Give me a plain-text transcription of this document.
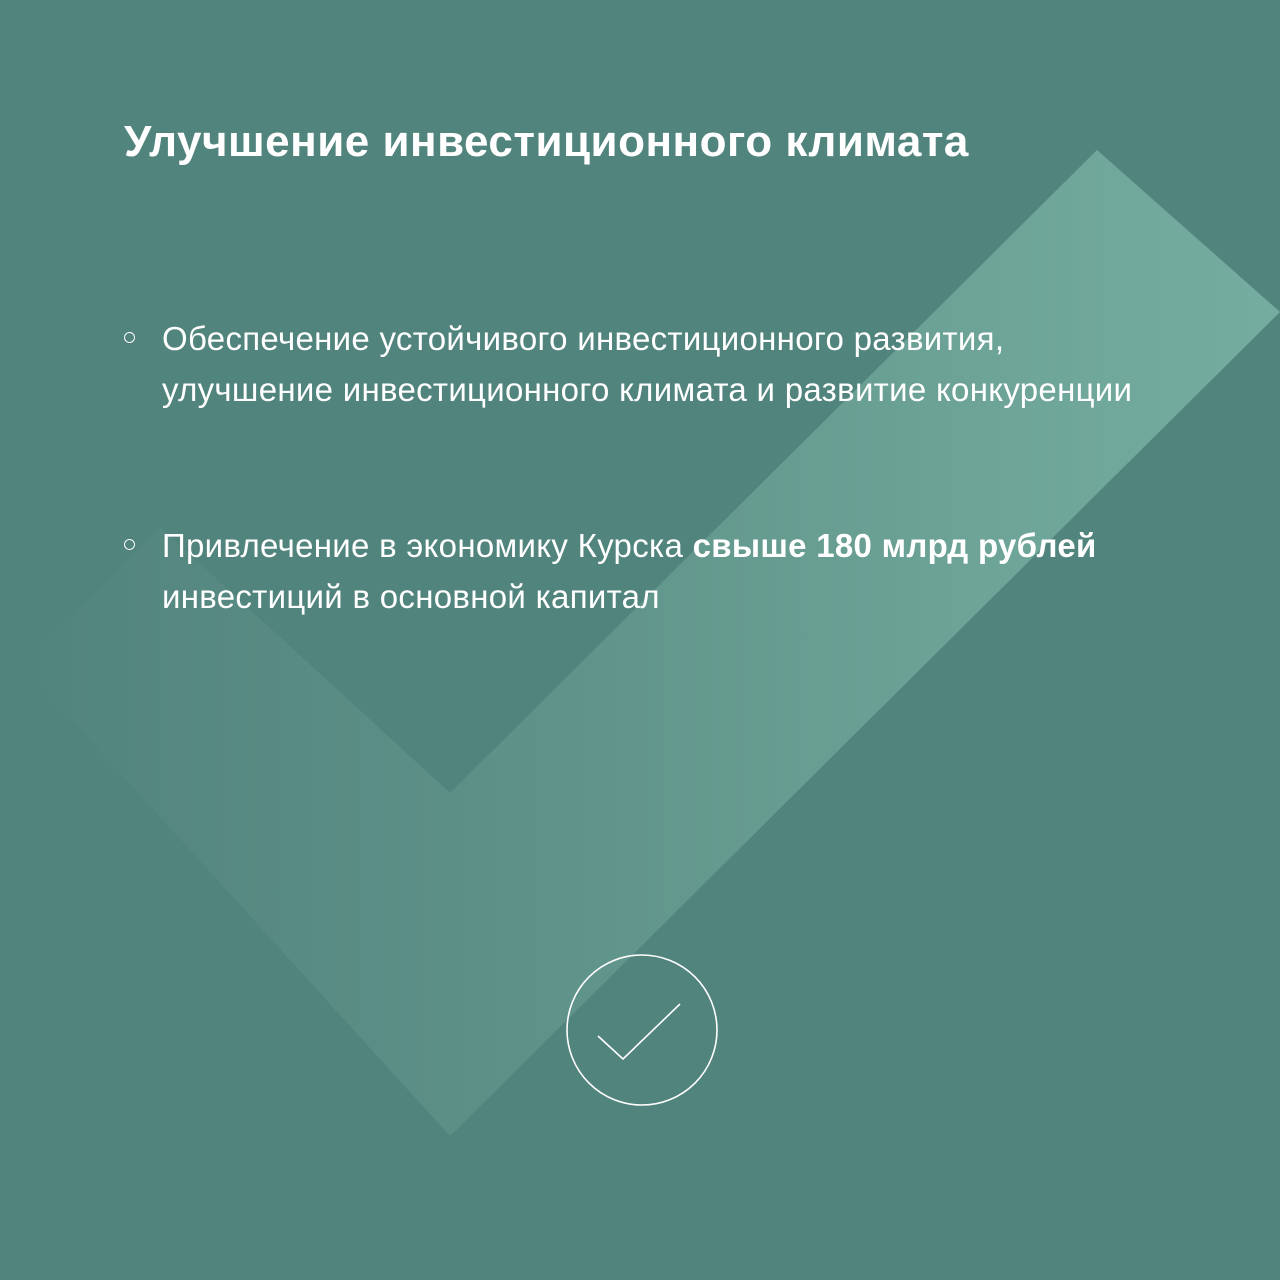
Улучшение инвестиционного климата
Обеспечение устойчивого инвестиционного развития, улучшение инвестиционного климата и развитие конкуренции
Привлечение в экономику Курска свыше 180 млрд рублей инвестиций в основной капитал
